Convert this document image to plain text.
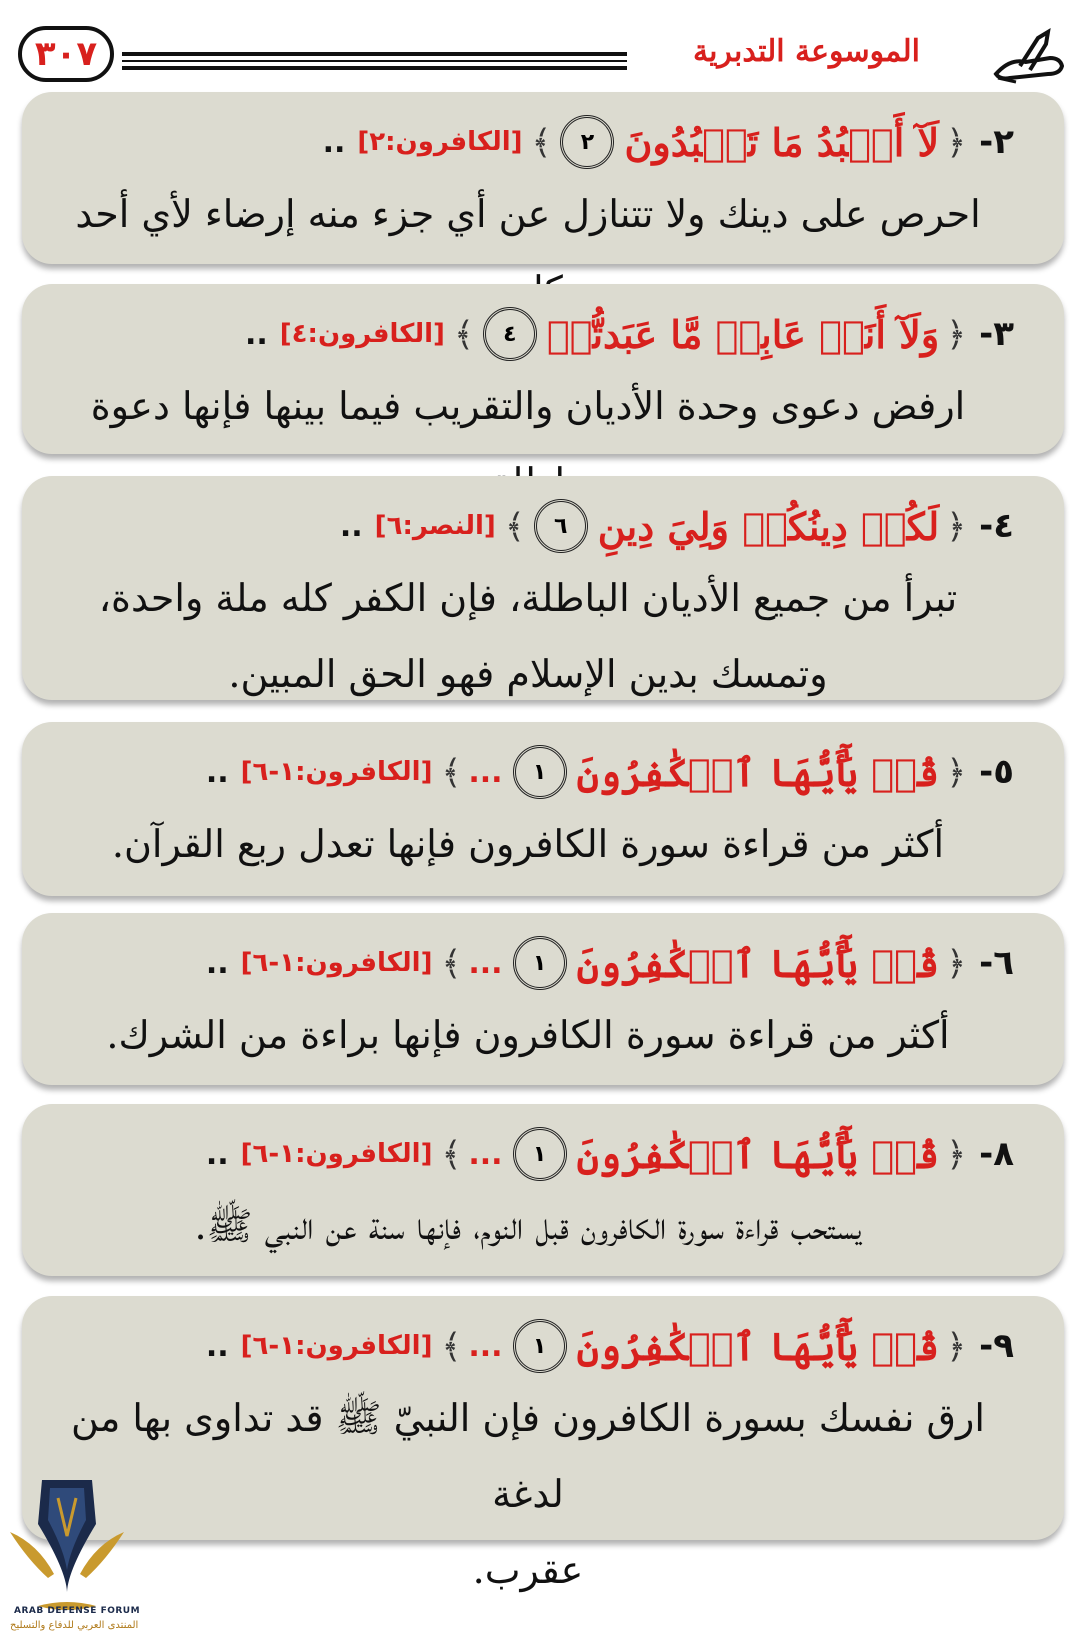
٣٠٧	الموسوعة التدبرية
٢-
﴿
لَآ أَعۡبُدُ مَا تَعۡبُدُونَ
٢
﴾
[الكافرون:٢]
..
احرص على دينك ولا تتنازل عن أي جزء منه إرضاء لأي أحد
٣-
﴿
وَلَآ أَنَا۠ عَابِدٞ مَّا عَبَدتُّمۡ
٤
﴾
[الكافرون:٤]
..
ارفض دعوى وحدة الأديان والتقريب فيما بينها فإنها دعوة
٤-
﴿
لَكُمۡ دِينُكُمۡ وَلِيَ دِينِ
٦
﴾
[النصر:٦]
..
تبرأ من جميع الأديان الباطلة، فإن الكفر كله ملة واحدة،
وتمسك بدين الإسلام فهو الحق المبين.
٥-
﴿
قُلۡ يَٰٓأَيُّهَا ٱلۡكَٰفِرُونَ
١
...
﴾
[الكافرون:١-٦]
..
أكثر من قراءة سورة الكافرون فإنها تعدل ربع القرآن.
٦-
﴿
قُلۡ يَٰٓأَيُّهَا ٱلۡكَٰفِرُونَ
١
...
﴾
[الكافرون:١-٦]
..
أكثر من قراءة سورة الكافرون فإنها براءة من الشرك.
٨-
﴿
قُلۡ يَٰٓأَيُّهَا ٱلۡكَٰفِرُونَ
١
...
﴾
[الكافرون:١-٦]
..
يستحب قراءة سورة الكافرون قبل النوم، فإنها سنة عن النبي ﷺ.
٩-
﴿
قُلۡ يَٰٓأَيُّهَا ٱلۡكَٰفِرُونَ
١
...
﴾
[الكافرون:١-٦]
..
ارق نفسك بسورة الكافرون فإن النبيّ ﷺ قد تداوى بها من لدغة
عقرب.
ARAB DEFENSE FORUM
المنتدى العربي للدفاع والتسليح
